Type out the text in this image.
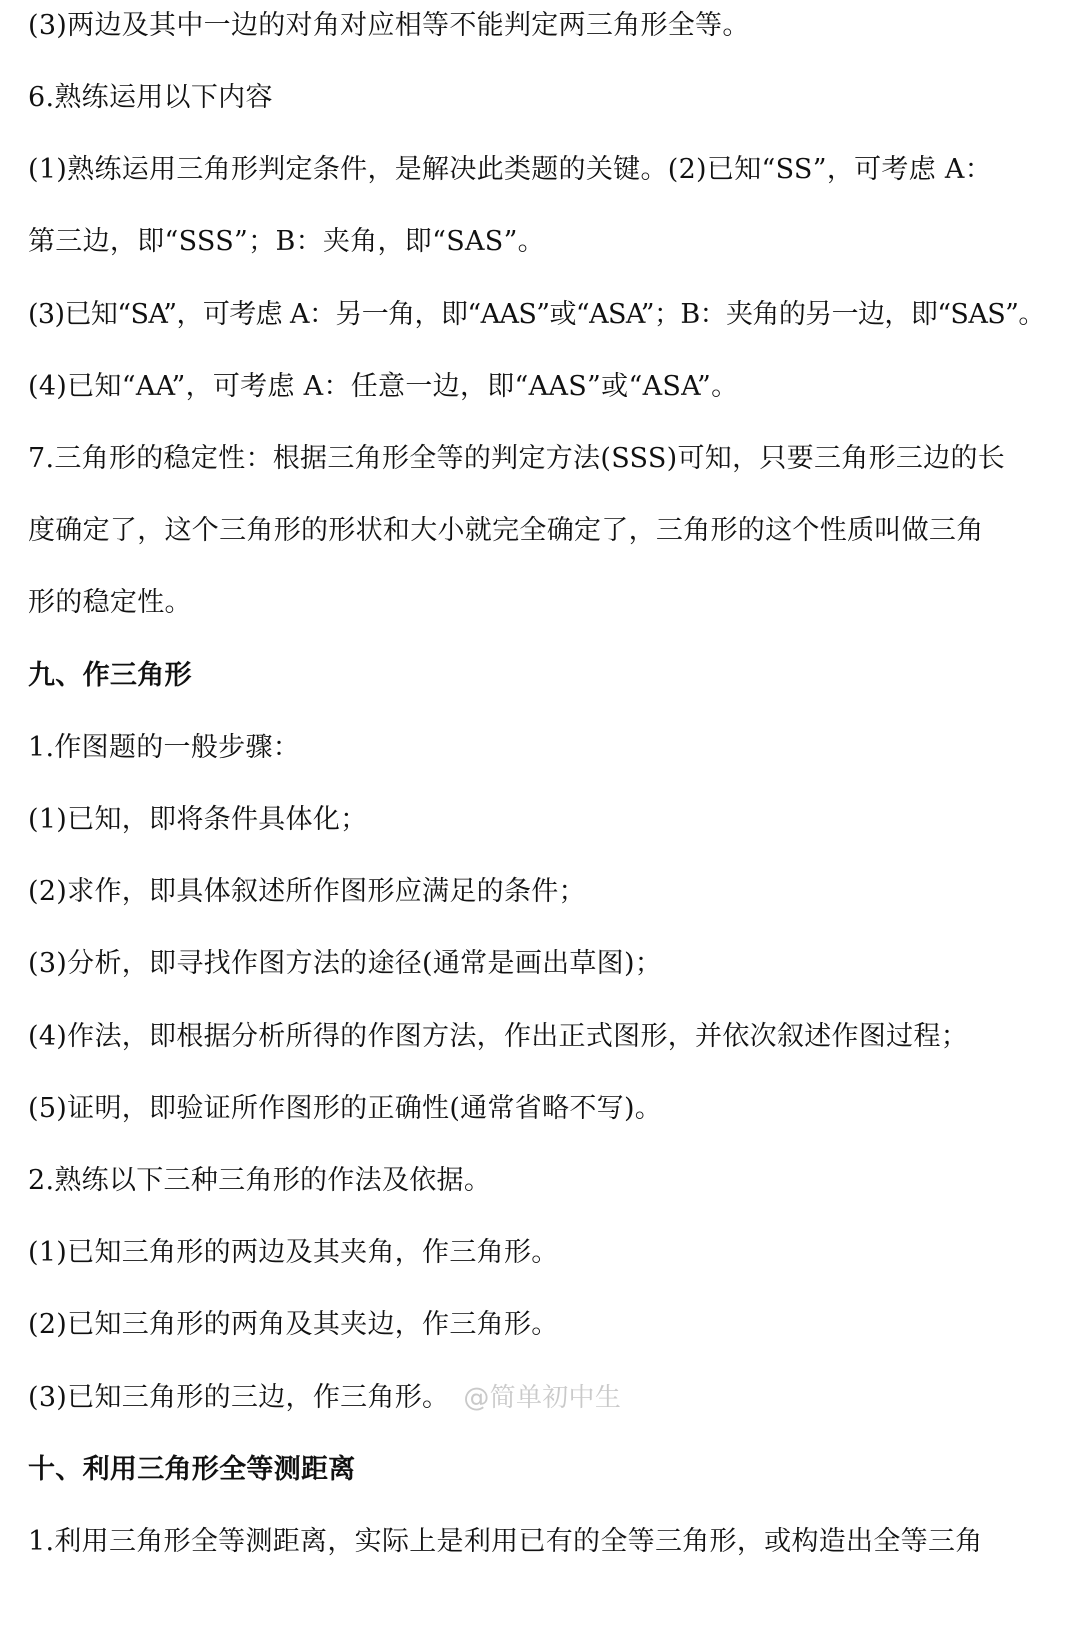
(3)两边及其中一边的对角对应相等不能判定两三角形全等。
6.熟练运用以下内容
(1)熟练运用三角形判定条件，是解决此类题的关键。(2)已知“SS”，可考虑 A：
第三边，即“SSS”；B：夹角，即“SAS”。
(3)已知“SA”，可考虑 A：另一角，即“AAS”或“ASA”；B：夹角的另一边，即“SAS”。
(4)已知“AA”，可考虑 A：任意一边，即“AAS”或“ASA”。
7.三角形的稳定性：根据三角形全等的判定方法(SSS)可知，只要三角形三边的长
度确定了，这个三角形的形状和大小就完全确定了，三角形的这个性质叫做三角
形的稳定性。
九、作三角形
1.作图题的一般步骤：
(1)已知，即将条件具体化；
(2)求作，即具体叙述所作图形应满足的条件；
(3)分析，即寻找作图方法的途径(通常是画出草图)；
(4)作法，即根据分析所得的作图方法，作出正式图形，并依次叙述作图过程；
(5)证明，即验证所作图形的正确性(通常省略不写)。
2.熟练以下三种三角形的作法及依据。
(1)已知三角形的两边及其夹角，作三角形。
(2)已知三角形的两角及其夹边，作三角形。
(3)已知三角形的三边，作三角形。 @简单初中生
十、利用三角形全等测距离
1.利用三角形全等测距离，实际上是利用已有的全等三角形，或构造出全等三角
